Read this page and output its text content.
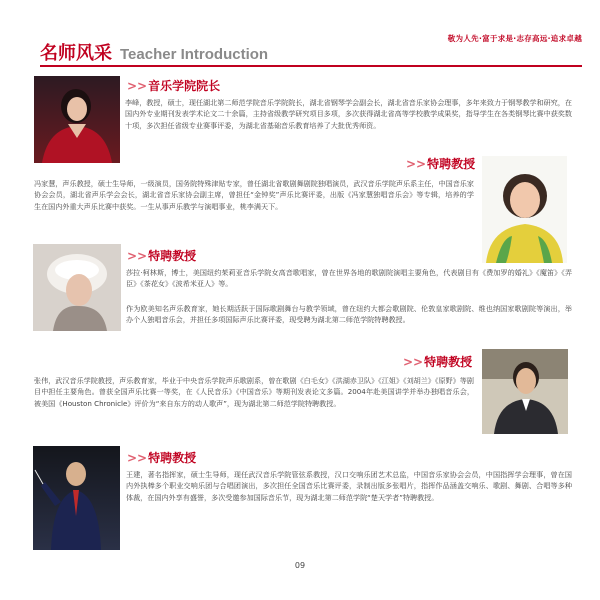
敬为人先·富于求是·志存高远·追求卓越
名师风采 Teacher Introduction
>>音乐学院院长
李峰，教授，硕士，现任湖北第二师范学院音乐学院院长，湖北省钢琴学会副会长，湖北省音乐家协会理事，多年来致力于钢琴教学和研究，在国内外专业期刊发表学术论文二十余篇，主持省级教学研究项目多项，多次获得湖北省高等学校教学成果奖，指导学生在各类钢琴比赛中获奖数十项，多次担任省级专业赛事评委，为湖北省基础音乐教育培养了大批优秀师资。
>>特聘教授
冯家慧，声乐教授，硕士生导师，一级演员，国务院特殊津贴专家，曾任湖北省歌剧舞剧院独唱演员，武汉音乐学院声乐系主任，中国音乐家协会会员，湖北省声乐学会会长，湖北省音乐家协会副主席，曾担任“金钟奖”声乐比赛评委，出版《冯家慧独唱音乐会》等专辑，培养的学生在国内外重大声乐比赛中获奖。一生从事声乐教学与演唱事业，桃李满天下。
>>特聘教授
莎拉·柯林斯，博士，美国纽约茱莉亚音乐学院女高音歌唱家，曾在世界各地的歌剧院演唱主要角色，代表剧目有《费加罗的婚礼》《魔笛》《弄臣》《茶花女》《波希米亚人》等。
作为欧美知名声乐教育家，她长期活跃于国际歌剧舞台与教学领域，曾在纽约大都会歌剧院、伦敦皇家歌剧院、维也纳国家歌剧院等演出，举办个人独唱音乐会，并担任多项国际声乐比赛评委，现受聘为湖北第二师范学院特聘教授。
>>特聘教授
张伟，武汉音乐学院教授，声乐教育家，毕业于中央音乐学院声乐歌剧系，曾在歌剧《白毛女》《洪湖赤卫队》《江姐》《刘胡兰》《原野》等剧目中担任主要角色。曾获全国声乐比赛一等奖，在《人民音乐》《中国音乐》等期刊发表论文多篇。2004年赴美国讲学并举办独唱音乐会，被美国《Houston Chronicle》评价为“来自东方的动人歌声”，现为湖北第二师范学院特聘教授。
>>特聘教授
王建，著名指挥家，硕士生导师，现任武汉音乐学院管弦系教授，汉口交响乐团艺术总监，中国音乐家协会会员，中国指挥学会理事，曾在国内外执棒多个职业交响乐团与合唱团演出，多次担任全国音乐比赛评委，录制出版多张唱片，指挥作品涵盖交响乐、歌剧、舞剧、合唱等多种体裁，在国内外享有盛誉，多次受邀参加国际音乐节，现为湖北第二师范学院“楚天学者”特聘教授。
09
